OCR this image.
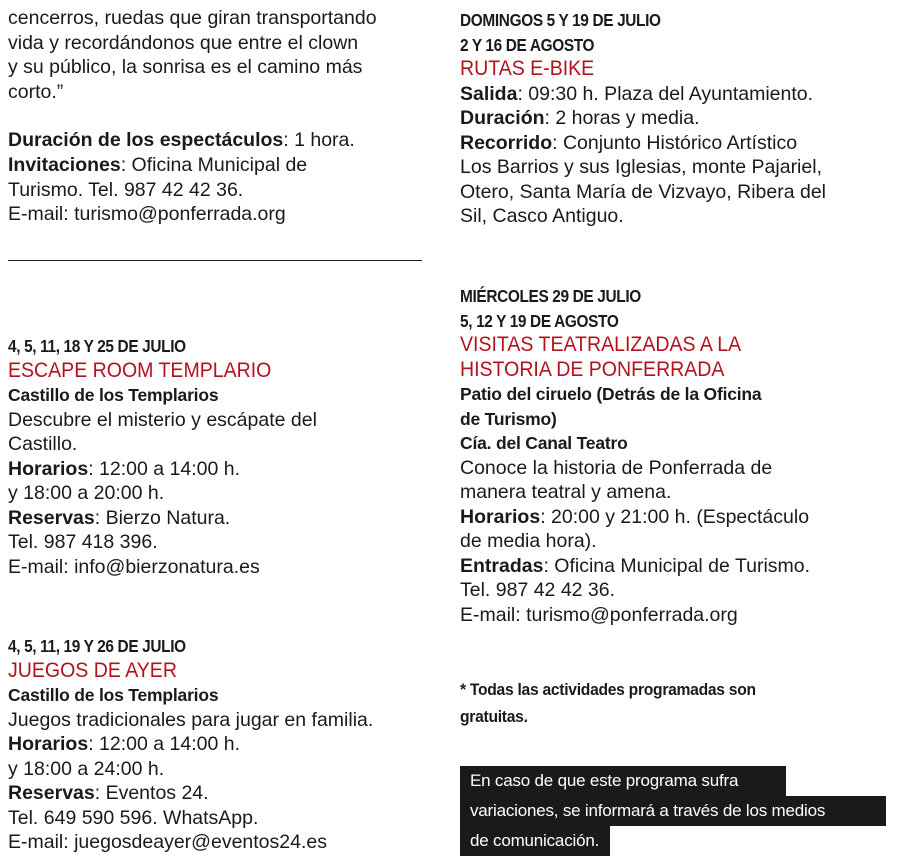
cencerros, ruedas que giran transportando
vida y recordándonos que entre el clown
y su público, la sonrisa es el camino más
corto.”

Duración de los espectáculos: 1 hora.
Invitaciones: Oficina Municipal de
Turismo. Tel. 987 42 42 36.
E-mail: turismo@ponferrada.org

4, 5, 11, 18 Y 25 DE JULIO
ESCAPE ROOM TEMPLARIO
Castillo de los Templarios

Descubre el misterio y escápate del
Castillo.
Horarios: 12:00 a 14:00 h.
y 18:00 a 20:00 h.
Reservas: Bierzo Natura.
Tel. 987 418 396.
E-mail: info@bierzonatura.es

4, 5, 11, 19 Y 26 DE JULIO
JUEGOS DE AYER
Castillo de los Templarios

Juegos tradicionales para jugar en familia.
Horarios: 12:00 a 14:00 h.
y 18:00 a 24:00 h.
Reservas: Eventos 24.
Tel. 649 590 596. WhatsApp.
E-mail: juegosdeayer@eventos24.es

DOMINGOS 5 Y 19 DE JULIO
2 Y 16 DE AGOSTO
RUTAS E-BIKE

Salida: 09:30 h. Plaza del Ayuntamiento.
Duración: 2 horas y media.
Recorrido: Conjunto Histórico Artístico
Los Barrios y sus Iglesias, monte Pajariel,
Otero, Santa María de Vizvayo, Ribera del
Sil, Casco Antiguo.

MIÉRCOLES 29 DE JULIO
5, 12 Y 19 DE AGOSTO
VISITAS TEATRALIZADAS A LA
HISTORIA DE PONFERRADA
Patio del ciruelo (Detrás de la Oficina
de Turismo)
Cía. del Canal Teatro

Conoce la historia de Ponferrada de
manera teatral y amena.
Horarios: 20:00 y 21:00 h. (Espectáculo
de media hora).
Entradas: Oficina Municipal de Turismo.
Tel. 987 42 42 36.
E-mail: turismo@ponferrada.org

* Todas las actividades programadas son
gratuitas.
En caso de que este programa sufra
variaciones, se informará a través de los medios
de comunicación.
